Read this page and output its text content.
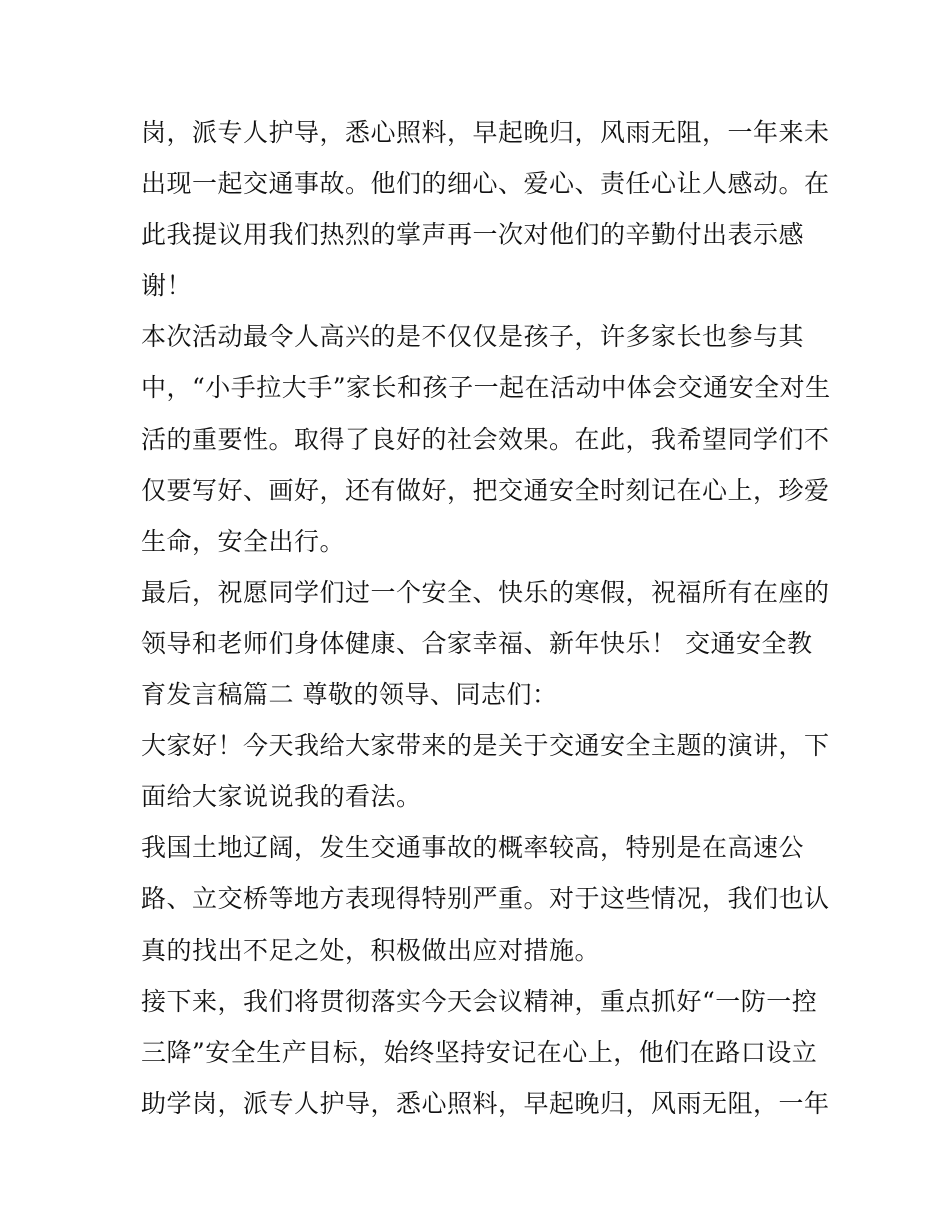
岗，派专人护导，悉心照料，早起晚归，风雨无阻，一年来未
出现一起交通事故。他们的细心、爱心、责任心让人感动。在
此我提议用我们热烈的掌声再一次对他们的辛勤付出表示感
谢！
本次活动最令人高兴的是不仅仅是孩子，许多家长也参与其
中，“小手拉大手”家长和孩子一起在活动中体会交通安全对生
活的重要性。取得了良好的社会效果。在此，我希望同学们不
仅要写好、画好，还有做好，把交通安全时刻记在心上，珍爱
生命，安全出行。
最后，祝愿同学们过一个安全、快乐的寒假，祝福所有在座的
领导和老师们身体健康、合家幸福、新年快乐！ 交通安全教
育发言稿篇二 尊敬的领导、同志们：
大家好！今天我给大家带来的是关于交通安全主题的演讲，下
面给大家说说我的看法。
我国土地辽阔，发生交通事故的概率较高，特别是在高速公
路、立交桥等地方表现得特别严重。对于这些情况，我们也认
真的找出不足之处，积极做出应对措施。
接下来，我们将贯彻落实今天会议精神，重点抓好“一防一控
三降”安全生产目标，始终坚持安记在心上，他们在路口设立
助学岗，派专人护导，悉心照料，早起晚归，风雨无阻，一年
